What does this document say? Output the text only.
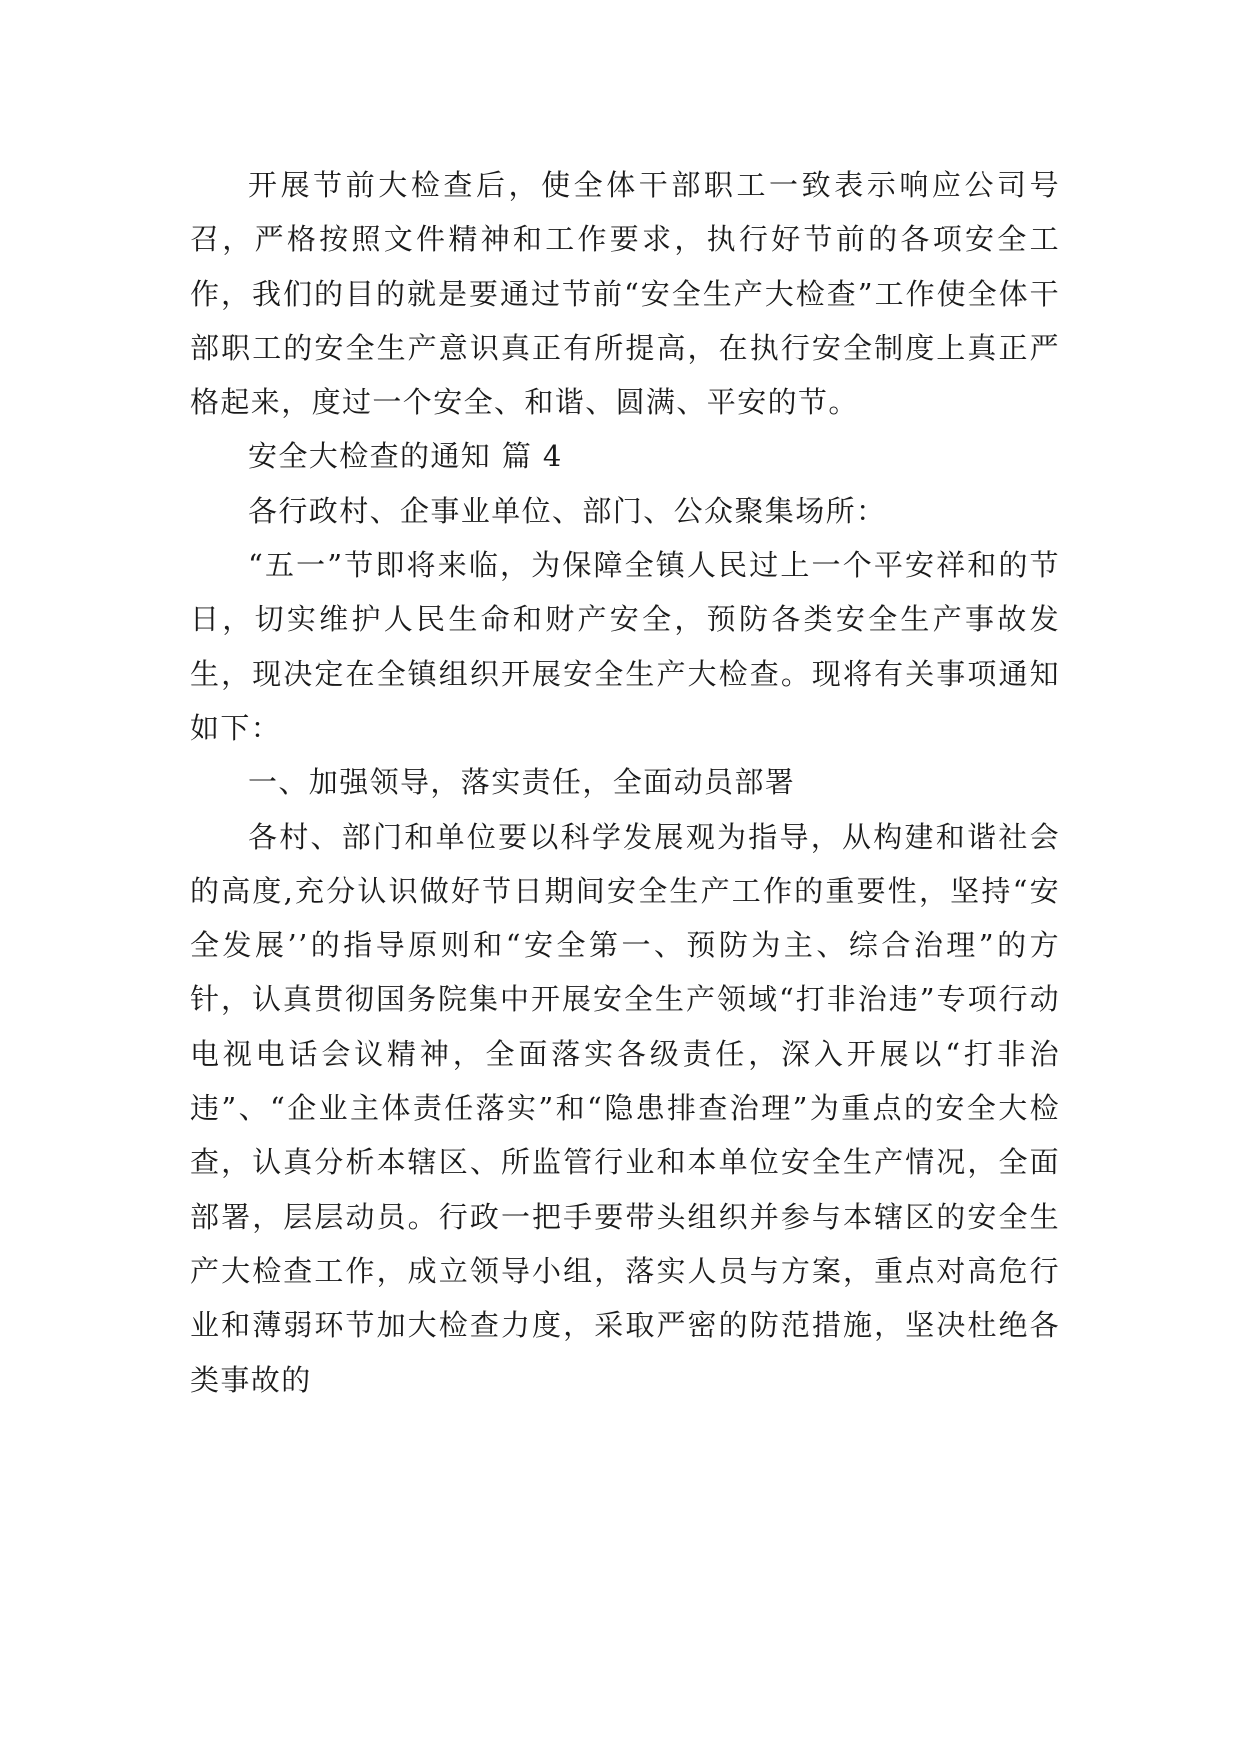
开展节前大检查后，使全体干部职工一致表示响应公司号召，严格按照文件精神和工作要求，执行好节前的各项安全工作，我们的目的就是要通过节前“安全生产大检查”工作使全体干部职工的安全生产意识真正有所提高，在执行安全制度上真正严格起来，度过一个安全、和谐、圆满、平安的节。

安全大检查的通知 篇 4

各行政村、企事业单位、部门、公众聚集场所：

“五一”节即将来临，为保障全镇人民过上一个平安祥和的节日，切实维护人民生命和财产安全，预防各类安全生产事故发生，现决定在全镇组织开展安全生产大检查。现将有关事项通知如下：

一、加强领导，落实责任，全面动员部署

各村、部门和单位要以科学发展观为指导，从构建和谐社会的高度,充分认识做好节日期间安全生产工作的重要性，坚持“安全发展’’的指导原则和“安全第一、预防为主、综合治理”的方针，认真贯彻国务院集中开展安全生产领域“打非治违”专项行动电视电话会议精神，全面落实各级责任，深入开展以“打非治违”、“企业主体责任落实”和“隐患排查治理”为重点的安全大检查，认真分析本辖区、所监管行业和本单位安全生产情况，全面部署，层层动员。行政一把手要带头组织并参与本辖区的安全生产大检查工作，成立领导小组，落实人员与方案，重点对高危行业和薄弱环节加大检查力度，采取严密的防范措施，坚决杜绝各类事故的
